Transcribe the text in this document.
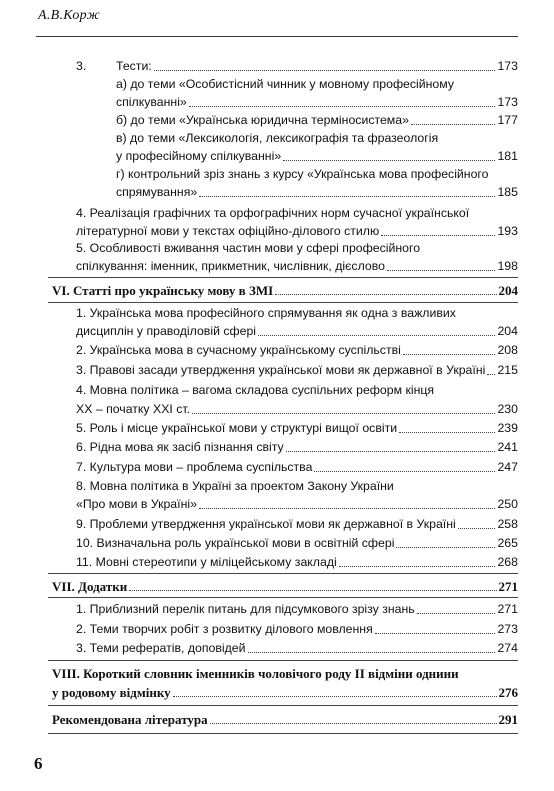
А.В.Корж
3.	Тести:	173
а) до теми «Особистісний чинник у мовному професійному
спілкуванні»	173
б) до теми «Українська юридична терміносистема»	177
в) до теми «Лексикологія, лексикографія та фразеологія
у професійному спілкуванні»	181
г) контрольний зріз знань з курсу «Українська мова професійного
спрямування»	185
4. Реалізація графічних та орфографічних норм сучасної української
літературної мови у текстах офіційно-ділового стилю	193
5. Особливості вживання частин мови у сфері професійного
спілкування: іменник, прикметник, числівник, дієслово	198
VI. Статті про українську мову в ЗМІ	204
1. Українська мова професійного спрямування як одна з важливих
дисциплін у праводіловій сфері	204
2. Українська мова в сучасному українському суспільстві	208
3. Правові засади утвердження української мови як державної в Україні 215
4. Мовна політика – вагома складова суспільних реформ кінця
XX – початку XXI ст.	230
5. Роль і місце української мови у структурі вищої освіти	239
6. Рідна мова як засіб пізнання світу	241
7. Культура мови – проблема суспільства	247
8. Мовна політика в Україні за проектом Закону України
«Про мови в Україні»	250
9. Проблеми утвердження української мови як державної в Україні	258
10. Визначальна роль української мови в освітній сфері	265
11. Мовні стереотипи у міліцейському закладі	268
VII. Додатки	271
1. Приблизний перелік питань для підсумкового зрізу знань	271
2. Теми творчих робіт з розвитку ділового мовлення	273
3. Теми рефератів, доповідей	274
VIII. Короткий словник іменників чоловічого роду II відміни однини
у родовому відмінку	276
Рекомендована література	291
6
